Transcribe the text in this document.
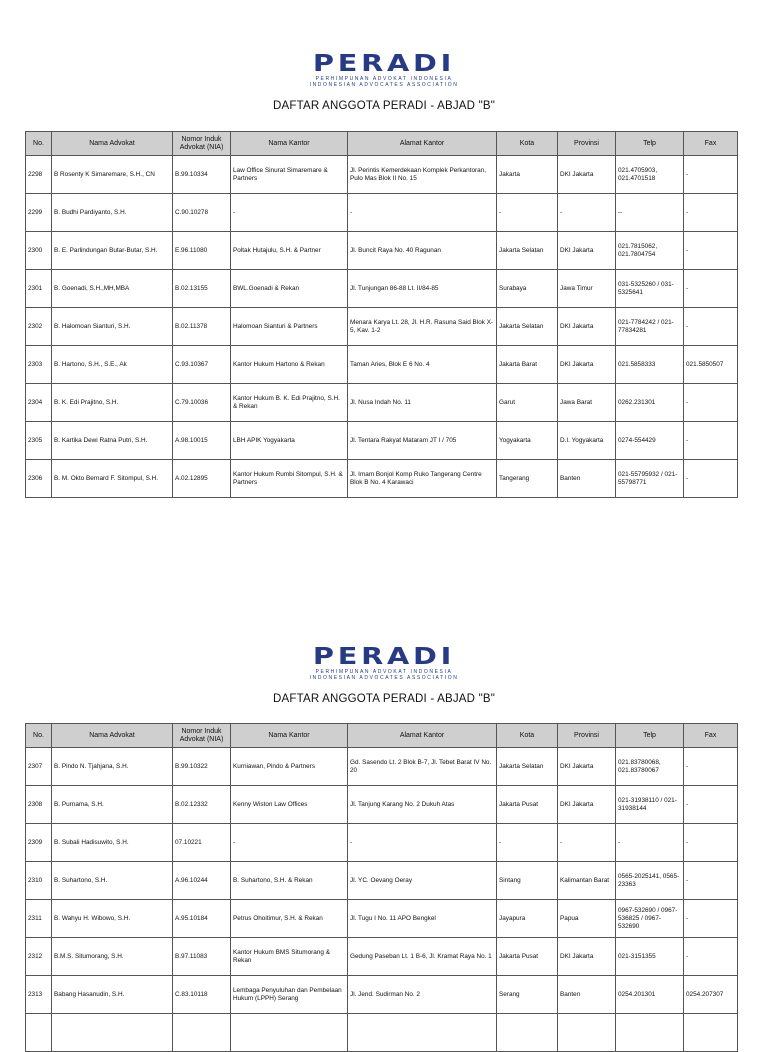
PERADI
PERHIMPUNAN ADVOKAT INDONESIA
INDONESIAN ADVOCATES ASSOCIATION
DAFTAR ANGGOTA PERADI - ABJAD "B"
No.	Nama Advokat	Nomor Induk Advokat (NIA)	Nama Kantor	Alamat Kantor	Kota	Provinsi	Telp	Fax
2298	B Rosenty K Simaremare, S.H., CN	B.99.10334	Law Office Sinurat Simaremare & Partners	Jl. Perintis Kemerdekaan Komplek Perkantoran, Pulo Mas Blok II No. 15	Jakarta	DKI Jakarta	021.4705903, 021.4701518	-
2299	B. Budhi Pardiyanto, S.H.	C.90.10278	-	-	-	-	--	-
2300	B. E. Parlindungan Butar-Butar, S.H.	E.96.11080	Poltak Hutajulu, S.H. & Partner	Jl. Buncit Raya No. 40 Ragunan	Jakarta Selatan	DKI Jakarta	021.7815062, 021.7804754	-
2301	B. Goenadi, S.H.,MH,MBA	B.02.13155	BWL.Goenadi & Rekan	Jl. Tunjungan 86-88 Lt. II/84-85	Surabaya	Jawa Timur	031-5325260 / 031-5325641	-
2302	B. Halomoan Sianturi, S.H.	B.02.11378	Halomoan Sianturi & Partners	Menara Karya Lt. 28, Jl. H.R. Rasuna Said Blok X-5, Kav. 1-2	Jakarta Selatan	DKI Jakarta	021-7784242 / 021-77834281	-
2303	B. Hartono, S.H., S.E., Ak	C.93.10367	Kantor Hukum Hartono & Rekan	Taman Aries, Blok E 6 No. 4	Jakarta Barat	DKI Jakarta	021.5858333	021.5850507
2304	B. K. Edi Prajitno, S.H.	C.79.10036	Kantor Hukum B. K. Edi Prajitno, S.H. & Rekan	Jl. Nusa Indah No. 11	Garut	Jawa Barat	0262.231301	-
2305	B. Kartika Dewi Ratna Putri, S.H.	A.98.10015	LBH APIK Yogyakarta	Jl. Tentara Rakyat Mataram JT I / 705	Yogyakarta	D.I. Yogyakarta	0274-554429	-
2306	B. M. Okto Bernard F. Sitompul, S.H.	A.02.12895	Kantor Hukum Rumbi Sitompul, S.H. & Partners	Jl. Imam Bonjol Komp Ruko Tangerang Centre Blok B No. 4 Karawaci	Tangerang	Banten	021-55795932 / 021-55798771	-
PERADI
PERHIMPUNAN ADVOKAT INDONESIA
INDONESIAN ADVOCATES ASSOCIATION
DAFTAR ANGGOTA PERADI - ABJAD "B"
No.	Nama Advokat	Nomor Induk Advokat (NIA)	Nama Kantor	Alamat Kantor	Kota	Provinsi	Telp	Fax
2307	B. Pindo N. Tjahjana, S.H.	B.99.10322	Kurniawan, Pindo & Partners	Gd. Sasendo Lt. 2 Blok B-7, Jl. Tebet Barat IV No. 20	Jakarta Selatan	DKI Jakarta	021.83780068, 021.83780067	-
2308	B. Purnama, S.H.	B.02.12332	Kenny Wiston Law Offices	Jl. Tanjung Karang No. 2 Dukuh Atas	Jakarta Pusat	DKI Jakarta	021-31938110 / 021-31938144	-
2309	B. Subali Hadisuwito, S.H.	07.10221	-	-	-	-	-	-
2310	B. Suhartono, S.H.	A.96.10244	B. Suhartono, S.H. & Rekan	Jl. YC. Oevang Oeray	Sintang	Kalimantan Barat	0565-2025141, 0565-23363	-
2311	B. Wahyu H. Wibowo, S.H.	A.95.10184	Petrus Ohoitimur, S.H. & Rekan	Jl. Tugu I No. 11 APO Bengkel	Jayapura	Papua	0967-532690 / 0967-536825 / 0967-532690	-
2312	B.M.S. Situmorang, S.H.	B.97.11083	Kantor Hukum BMS Situmorang & Rekan	Gedung Paseban Lt. 1 B-6, Jl. Kramat Raya No. 1	Jakarta Pusat	DKI Jakarta	021-3151355	-
2313	Babang Hasanudin, S.H.	C.83.10118	Lembaga Penyuluhan dan Pembelaan Hukum (LPPH) Serang	Jl. Jend. Sudirman No. 2	Serang	Banten	0254.201301	0254.207307
